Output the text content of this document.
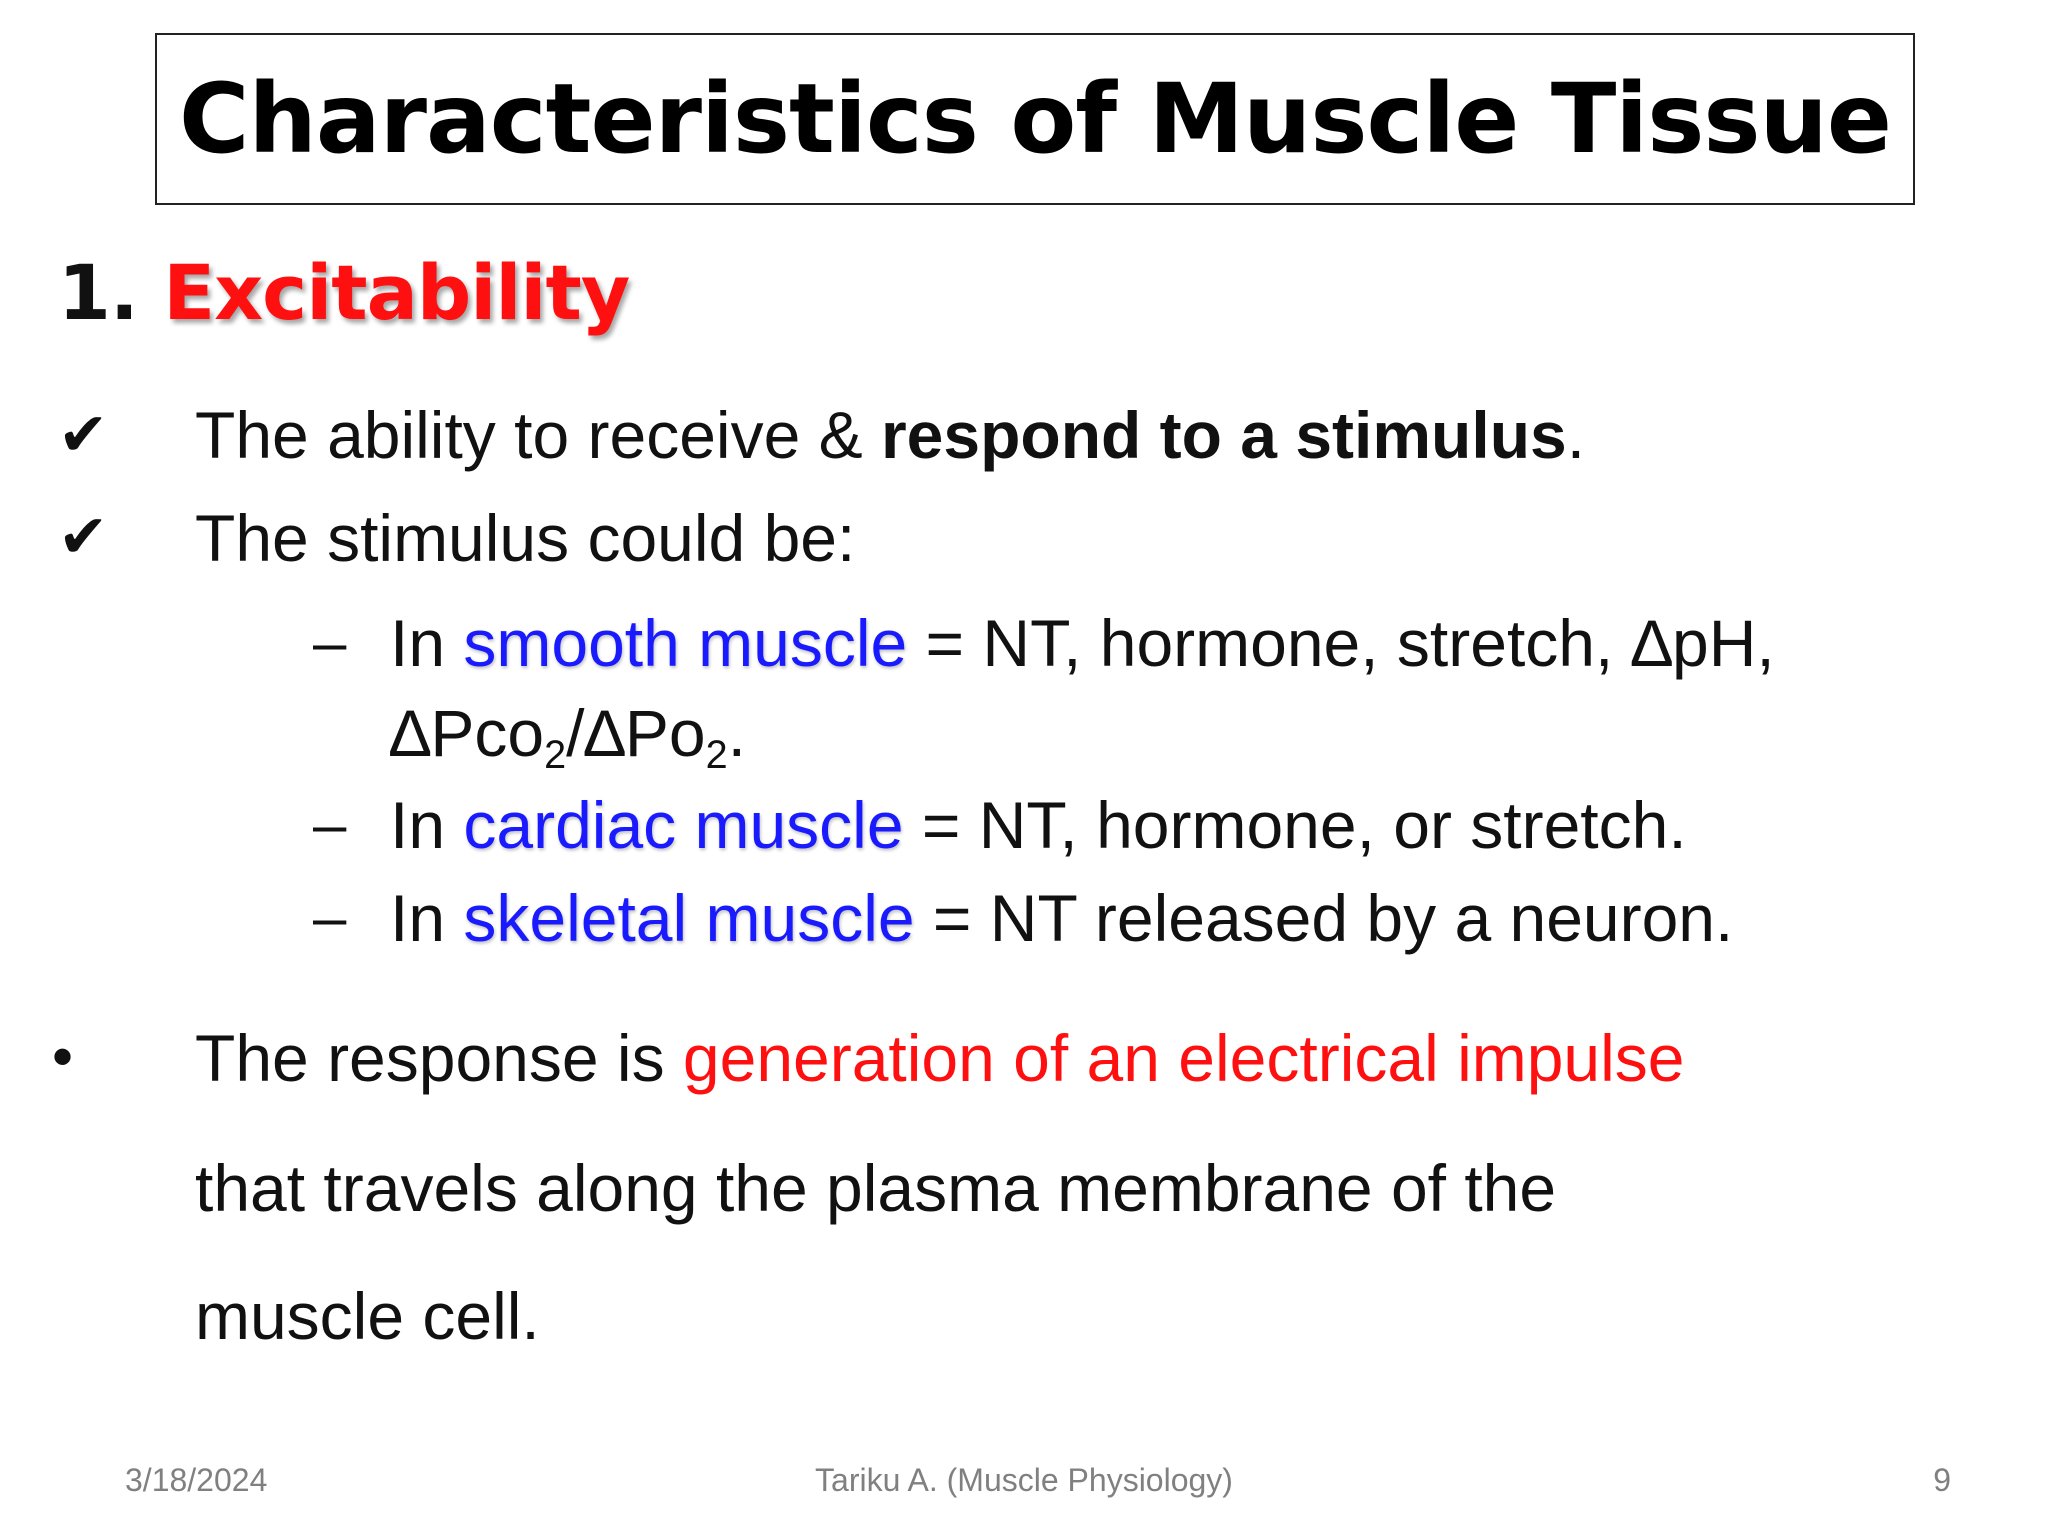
Characteristics of Muscle Tissue
1. Excitability
✔ The ability to receive & respond to a stimulus.
✔ The stimulus could be:
– In smooth muscle = NT, hormone, stretch, ∆pH,
$\Delta Pco_2/\Delta Po_2$.
– In cardiac muscle = NT, hormone, or stretch.
– In skeletal muscle = NT released by a neuron.
• The response is generation of an electrical impulse
that travels along the plasma membrane of the
muscle cell.
3/18/2024	Tariku A. (Muscle Physiology)	9
